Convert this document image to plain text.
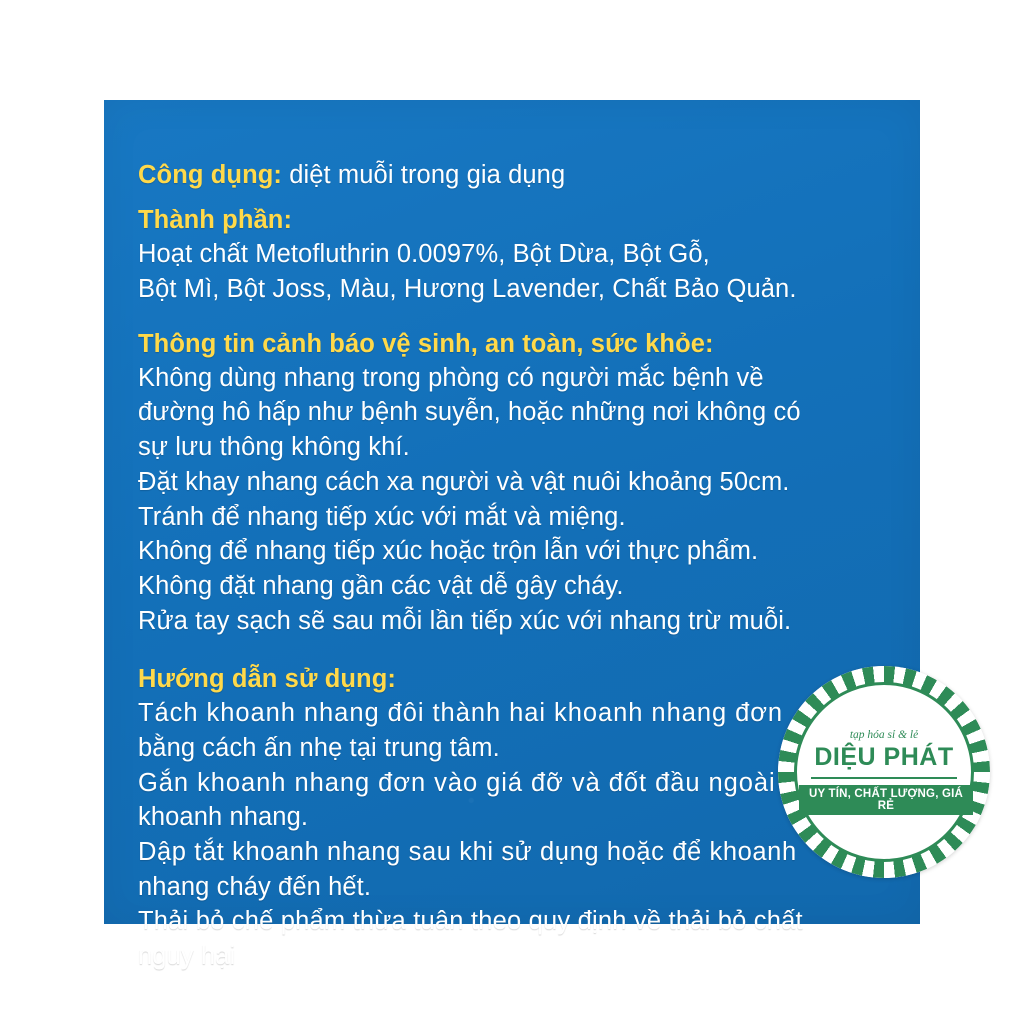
Công dụng: diệt muỗi trong gia dụng
Thành phần:
Hoạt chất Metofluthrin 0.0097%, Bột Dừa, Bột Gỗ,
Bột Mì, Bột Joss, Màu, Hương Lavender, Chất Bảo Quản.
Thông tin cảnh báo vệ sinh, an toàn, sức khỏe:
Không dùng nhang trong phòng có người mắc bệnh về
đường hô hấp như bệnh suyễn, hoặc những nơi không có
sự lưu thông không khí.
Đặt khay nhang cách xa người và vật nuôi khoảng 50cm.
Tránh để nhang tiếp xúc với mắt và miệng.
Không để nhang tiếp xúc hoặc trộn lẫn với thực phẩm.
Không đặt nhang gần các vật dễ gây cháy.
Rửa tay sạch sẽ sau mỗi lần tiếp xúc với nhang trừ muỗi.
Hướng dẫn sử dụng:
Tách khoanh nhang đôi thành hai khoanh nhang đơn
bằng cách ấn nhẹ tại trung tâm.
Gắn khoanh nhang đơn vào giá đỡ và đốt đầu ngoài
khoanh nhang.
Dập tắt khoanh nhang sau khi sử dụng hoặc để khoanh
nhang cháy đến hết.
Thải bỏ chế phẩm thừa tuân theo quy định về thải bỏ chất
nguy hại
tạp hóa sỉ & lẻ
DIỆU PHÁT
UY TÍN, CHẤT LƯỢNG, GIÁ RẺ
